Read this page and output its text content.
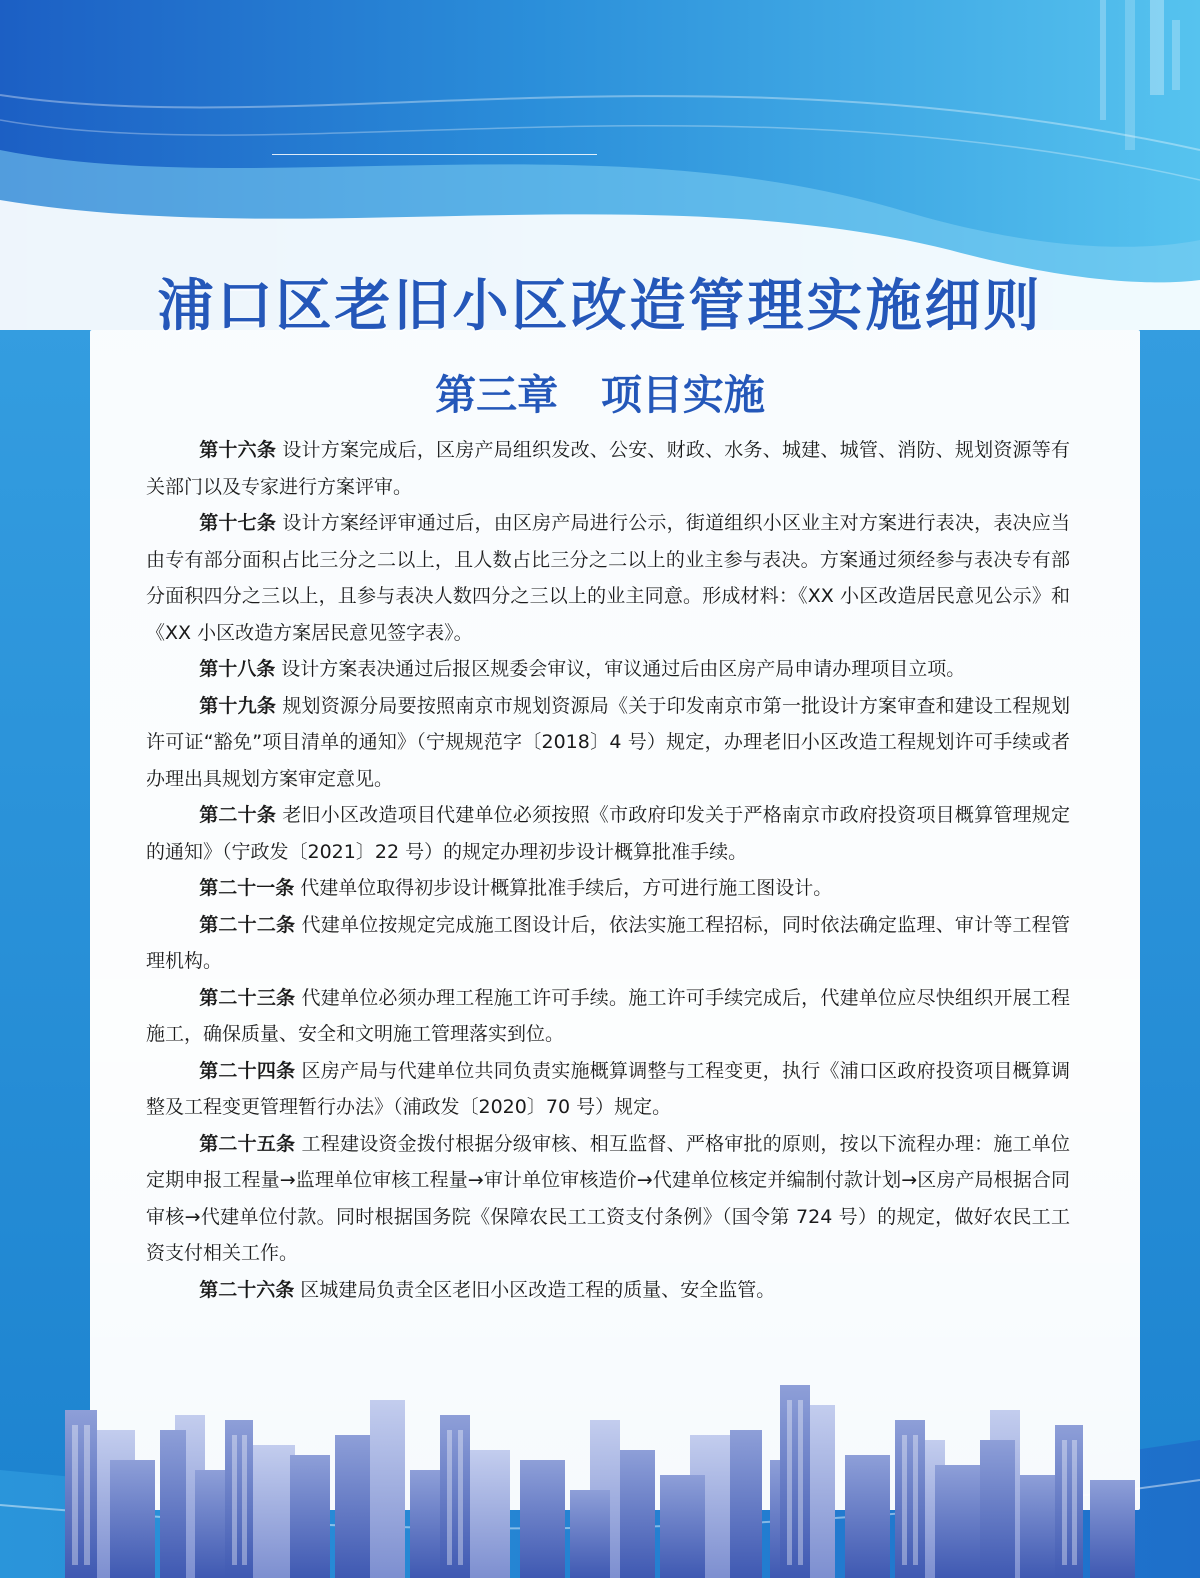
浦口区老旧小区改造管理实施细则
第三章   项目实施

第十六条 设计方案完成后，区房产局组织发改、公安、财政、水务、城建、城管、消防、规划资源等有关部门以及专家进行方案评审。

第十七条 设计方案经评审通过后，由区房产局进行公示，街道组织小区业主对方案进行表决，表决应当由专有部分面积占比三分之二以上，且人数占比三分之二以上的业主参与表决。方案通过须经参与表决专有部分面积四分之三以上，且参与表决人数四分之三以上的业主同意。形成材料：《XX 小区改造居民意见公示》和《XX 小区改造方案居民意见签字表》。

第十八条 设计方案表决通过后报区规委会审议，审议通过后由区房产局申请办理项目立项。

第十九条 规划资源分局要按照南京市规划资源局《关于印发南京市第一批设计方案审查和建设工程规划许可证“豁免”项目清单的通知》（宁规规范字〔2018〕4 号）规定，办理老旧小区改造工程规划许可手续或者办理出具规划方案审定意见。

第二十条 老旧小区改造项目代建单位必须按照《市政府印发关于严格南京市政府投资项目概算管理规定的通知》（宁政发〔2021〕22 号）的规定办理初步设计概算批准手续。

第二十一条 代建单位取得初步设计概算批准手续后，方可进行施工图设计。

第二十二条 代建单位按规定完成施工图设计后，依法实施工程招标，同时依法确定监理、审计等工程管理机构。

第二十三条 代建单位必须办理工程施工许可手续。施工许可手续完成后，代建单位应尽快组织开展工程施工，确保质量、安全和文明施工管理落实到位。

第二十四条 区房产局与代建单位共同负责实施概算调整与工程变更，执行《浦口区政府投资项目概算调整及工程变更管理暂行办法》（浦政发〔2020〕70 号）规定。

第二十五条 工程建设资金拨付根据分级审核、相互监督、严格审批的原则，按以下流程办理：施工单位定期申报工程量→监理单位审核工程量→审计单位审核造价→代建单位核定并编制付款计划→区房产局根据合同审核→代建单位付款。同时根据国务院《保障农民工工资支付条例》（国令第 724 号）的规定，做好农民工工资支付相关工作。

第二十六条 区城建局负责全区老旧小区改造工程的质量、安全监管。
